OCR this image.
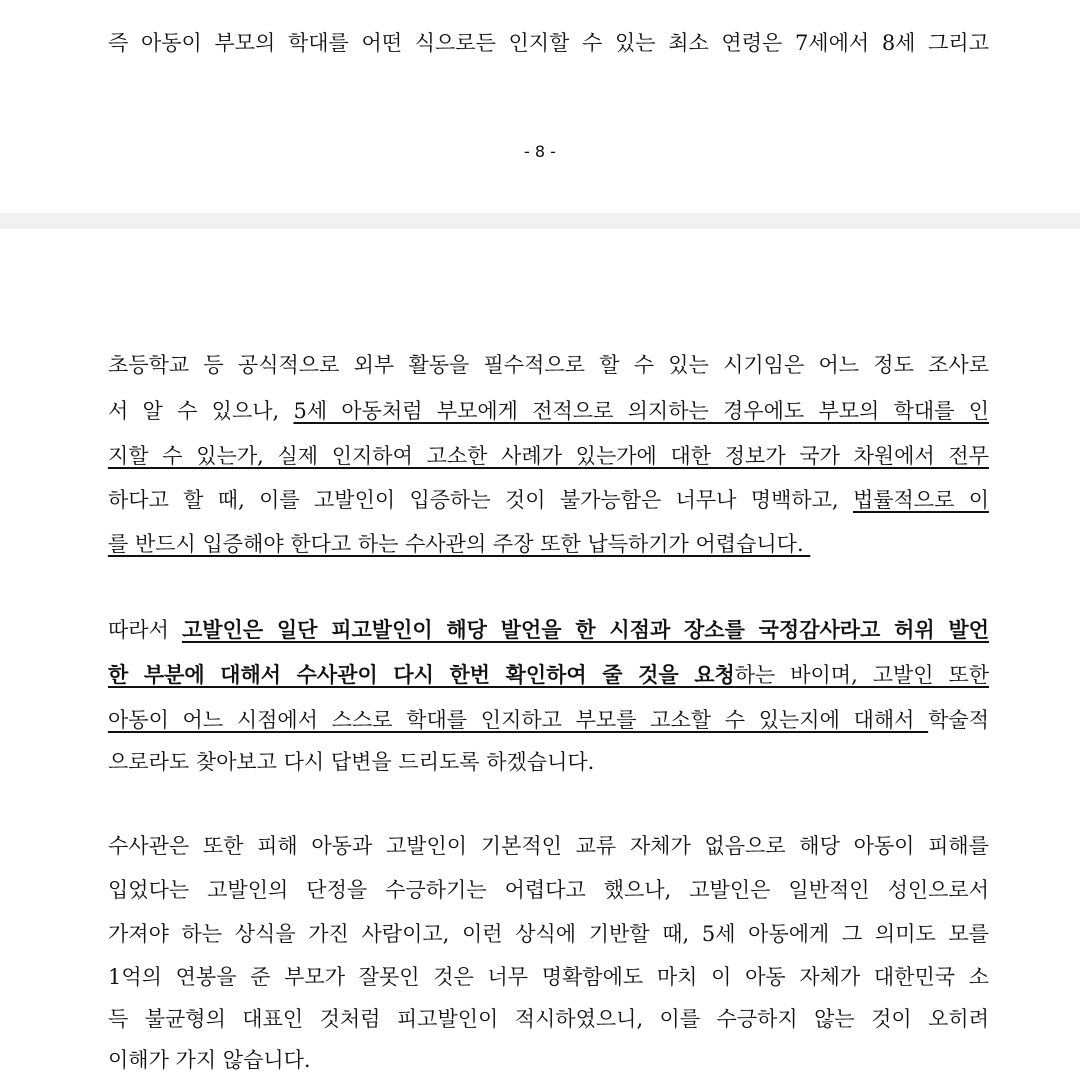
즉 아동이 부모의 학대를 어떤 식으로든 인지할 수 있는 최소 연령은 7세에서 8세 그리고
- 8 -
초등학교 등 공식적으로 외부 활동을 필수적으로 할 수 있는 시기임은 어느 정도 조사로
서 알 수 있으나, 5세 아동처럼 부모에게 전적으로 의지하는 경우에도 부모의 학대를 인
지할 수 있는가, 실제 인지하여 고소한 사례가 있는가에 대한 정보가 국가 차원에서 전무
하다고 할 때, 이를 고발인이 입증하는 것이 불가능함은 너무나 명백하고, 법률적으로 이
를 반드시 입증해야 한다고 하는 수사관의 주장 또한 납득하기가 어렵습니다.
따라서 고발인은 일단 피고발인이 해당 발언을 한 시점과 장소를 국정감사라고 허위 발언
한 부분에 대해서 수사관이 다시 한번 확인하여 줄 것을 요청하는 바이며, 고발인 또한
아동이 어느 시점에서 스스로 학대를 인지하고 부모를 고소할 수 있는지에 대해서 학술적
으로라도 찾아보고 다시 답변을 드리도록 하겠습니다.
수사관은 또한 피해 아동과 고발인이 기본적인 교류 자체가 없음으로 해당 아동이 피해를
입었다는 고발인의 단정을 수긍하기는 어렵다고 했으나, 고발인은 일반적인 성인으로서
가져야 하는 상식을 가진 사람이고, 이런 상식에 기반할 때, 5세 아동에게 그 의미도 모를
1억의 연봉을 준 부모가 잘못인 것은 너무 명확함에도 마치 이 아동 자체가 대한민국 소
득 불균형의 대표인 것처럼 피고발인이 적시하였으니, 이를 수긍하지 않는 것이 오히려
이해가 가지 않습니다.
